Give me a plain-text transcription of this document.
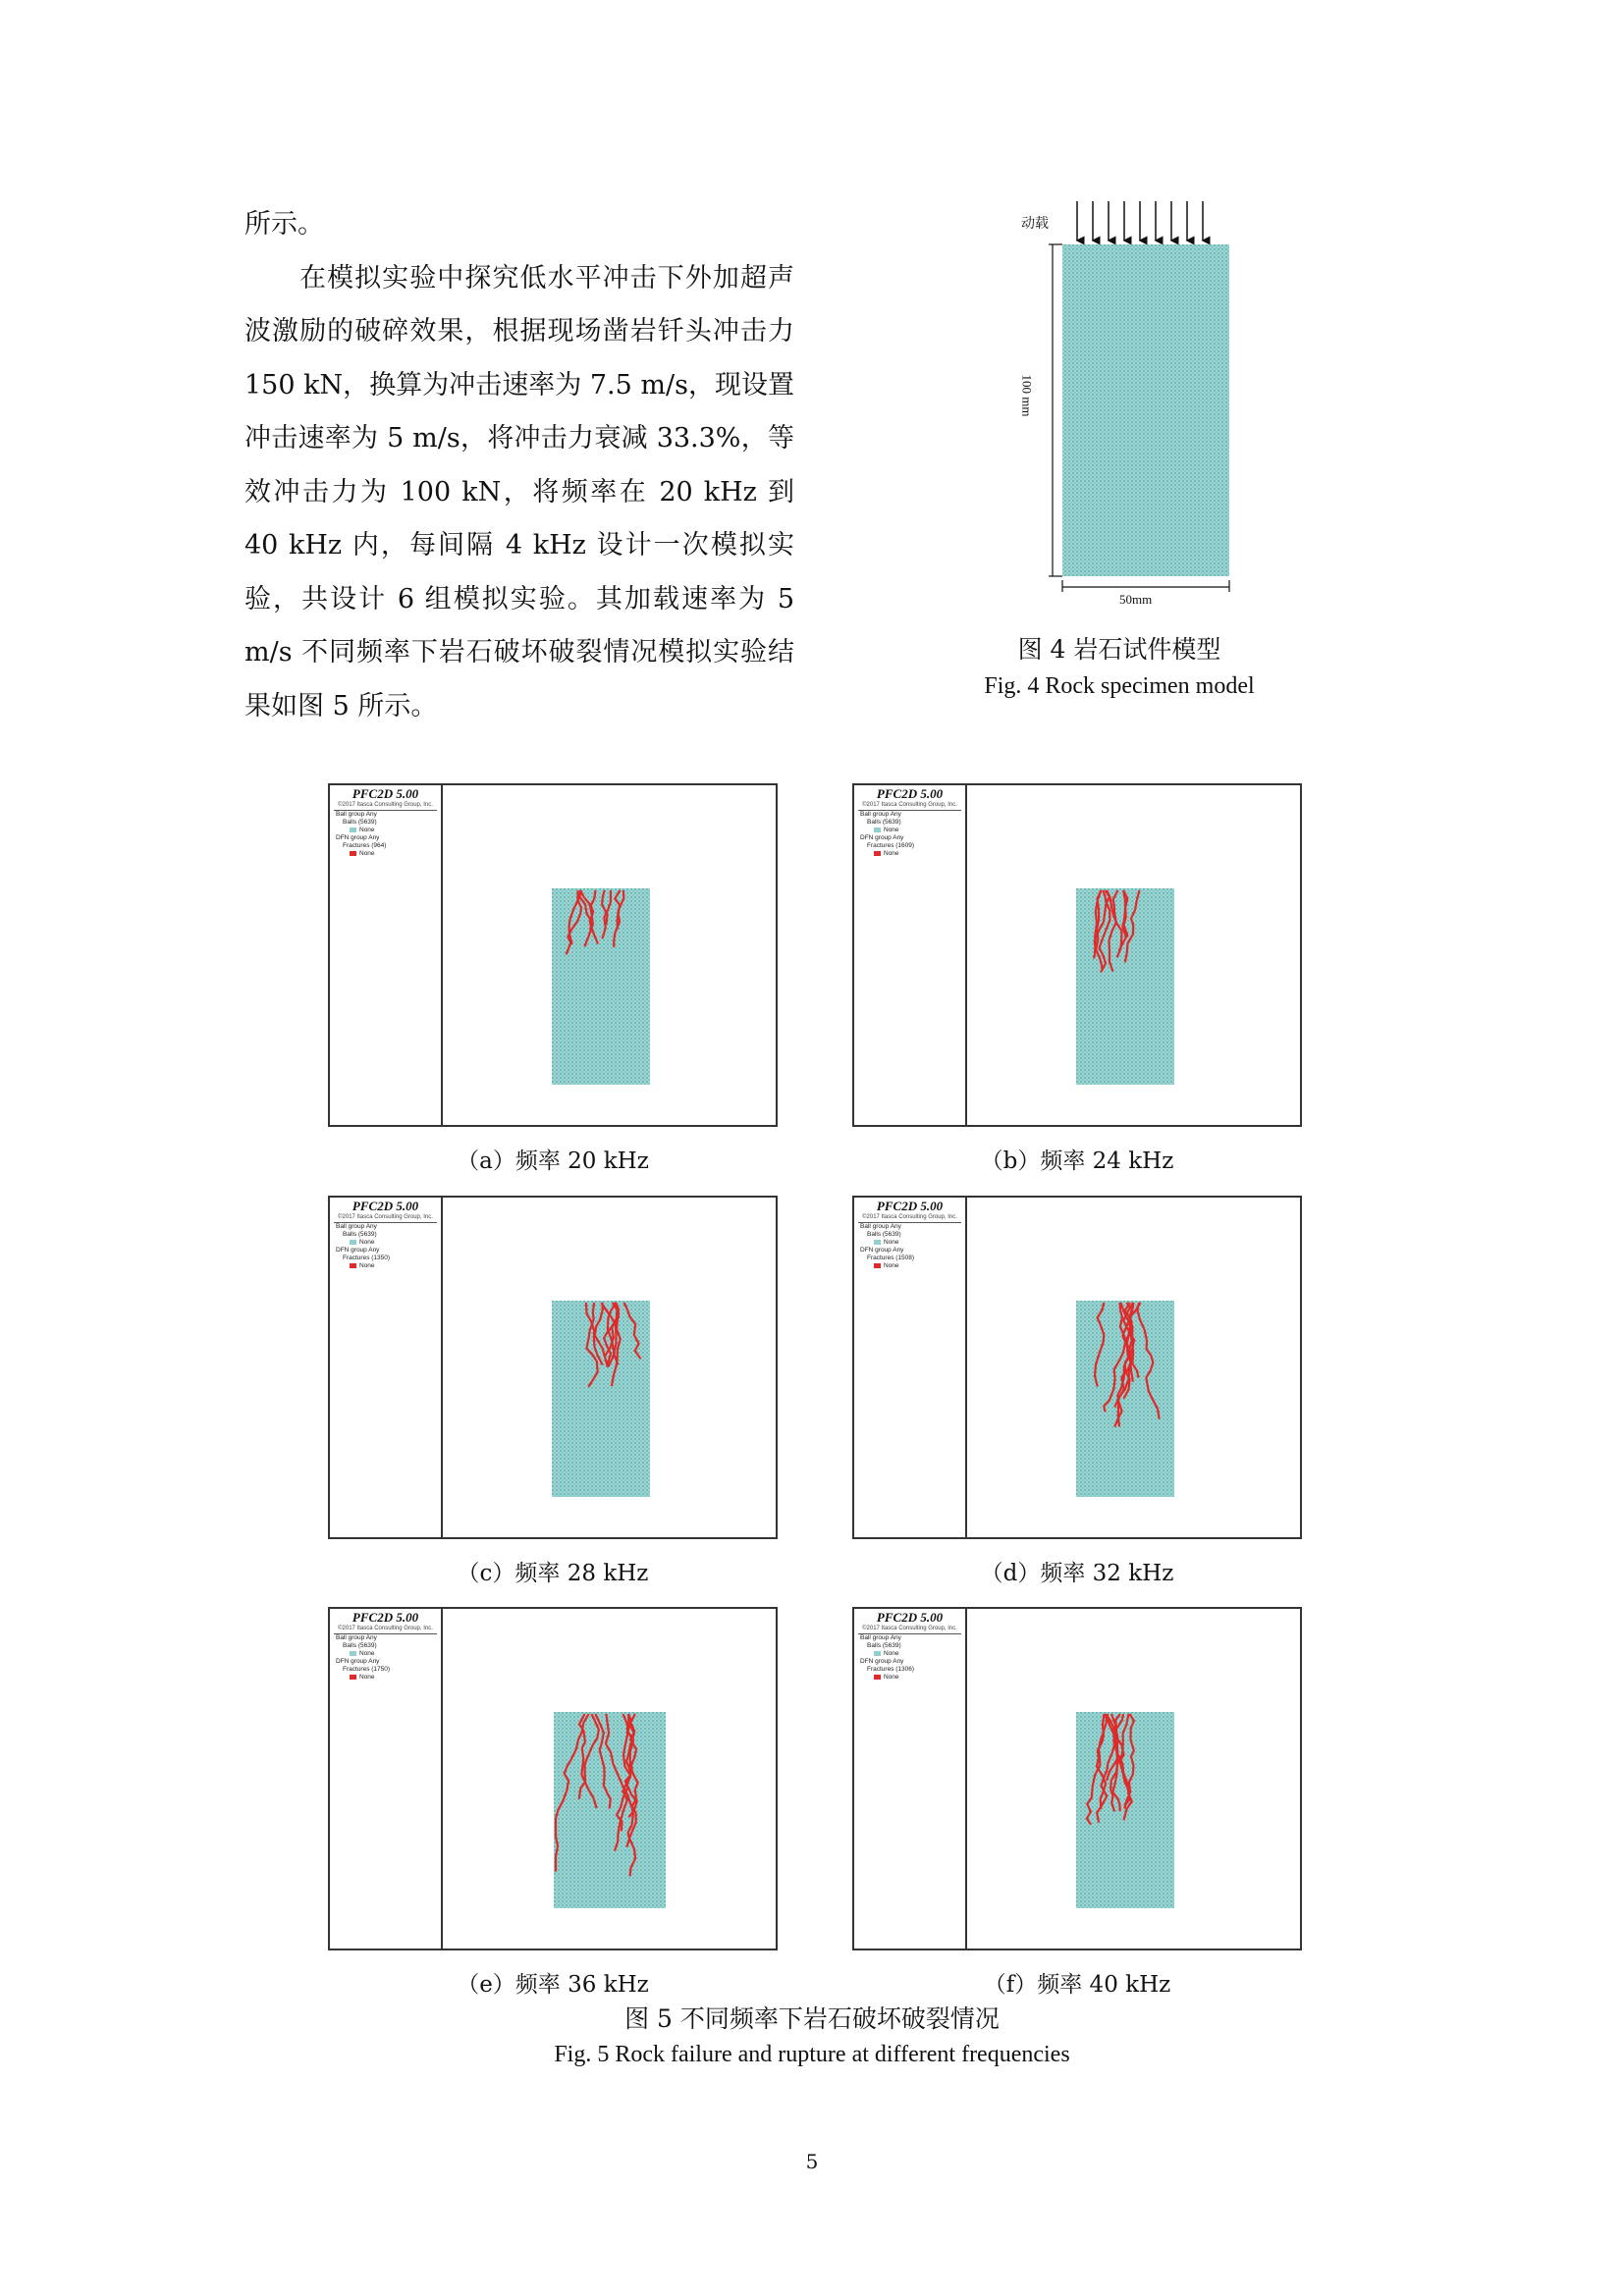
所示。

在模拟实验中探究低水平冲击下外加超声波激励的破碎效果，根据现场凿岩钎头冲击力 150 kN，换算为冲击速率为 7.5 m/s，现设置冲击速率为 5 m/s，将冲击力衰减 33.3%，等效冲击力为 100 kN，将频率在 20 kHz 到 40 kHz 内，每间隔 4 kHz 设计一次模拟实验，共设计 6 组模拟实验。其加载速率为 5 m/s 不同频率下岩石破坏破裂情况模拟实验结果如图 5 所示。

动载
100 mm
50mm
图 4 岩石试件模型
Fig. 4 Rock specimen model
PFC2D 5.00
©2017 Itasca Consulting Group, Inc.
Ball group Any
Balls (5639)
None
DFN group Any
Fractures (964)
None
（a）频率 20 kHz
PFC2D 5.00
©2017 Itasca Consulting Group, Inc.
Ball group Any
Balls (5639)
None
DFN group Any
Fractures (1609)
None
（b）频率 24 kHz
PFC2D 5.00
©2017 Itasca Consulting Group, Inc.
Ball group Any
Balls (5639)
None
DFN group Any
Fractures (1350)
None
（c）频率 28 kHz
PFC2D 5.00
©2017 Itasca Consulting Group, Inc.
Ball group Any
Balls (5639)
None
DFN group Any
Fractures (1508)
None
（d）频率 32 kHz
PFC2D 5.00
©2017 Itasca Consulting Group, Inc.
Ball group Any
Balls (5639)
None
DFN group Any
Fractures (1750)
None
（e）频率 36 kHz
PFC2D 5.00
©2017 Itasca Consulting Group, Inc.
Ball group Any
Balls (5639)
None
DFN group Any
Fractures (1306)
None
（f）频率 40 kHz
图 5 不同频率下岩石破坏破裂情况
Fig. 5 Rock failure and rupture at different frequencies
5
